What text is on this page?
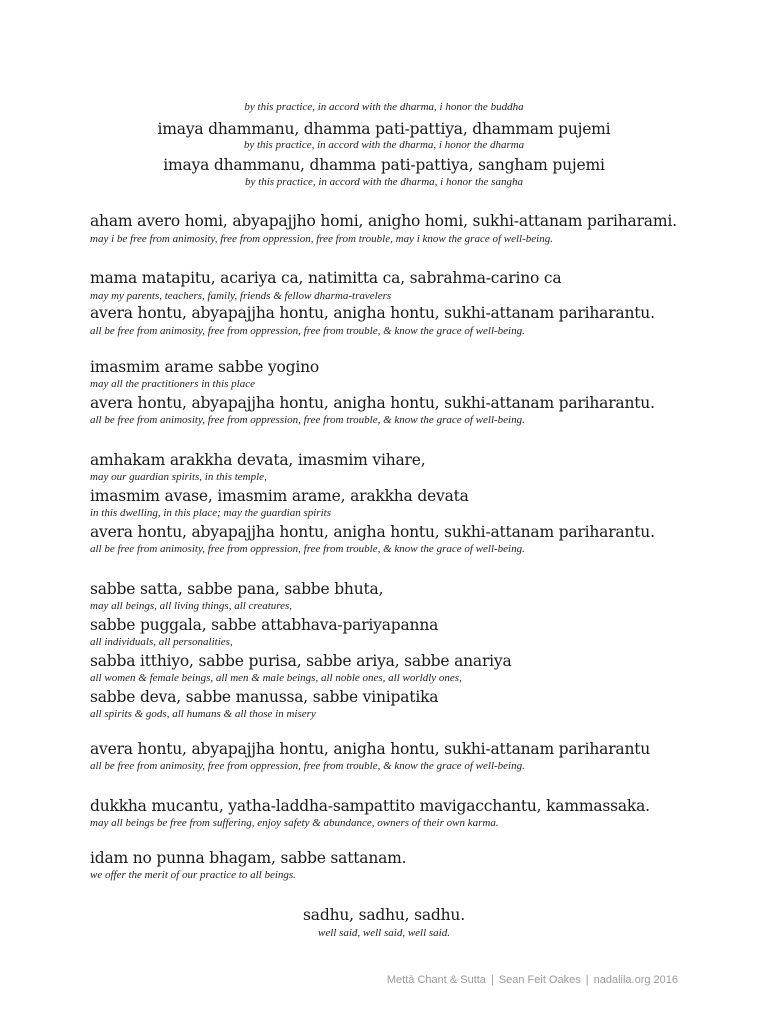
by this practice, in accord with the dharma, i honor the buddha

imaya dhammanu, dhamma pati-pattiya, dhammam pujemi

by this practice, in accord with the dharma, i honor the dharma

imaya dhammanu, dhamma pati-pattiya, sangham pujemi

by this practice, in accord with the dharma, i honor the sangha

aham avero homi, abyapajjho homi, anigho homi, sukhi-attanam pariharami.

may i be free from animosity, free from oppression, free from trouble, may i know the grace of well-being.

mama matapitu, acariya ca, natimitta ca, sabrahma-carino ca

may my parents, teachers, family, friends & fellow dharma-travelers

avera hontu, abyapajjha hontu, anigha hontu, sukhi-attanam pariharantu.

all be free from animosity, free from oppression, free from trouble, & know the grace of well-being.

imasmim arame sabbe yogino

may all the practitioners in this place

avera hontu, abyapajjha hontu, anigha hontu, sukhi-attanam pariharantu.

all be free from animosity, free from oppression, free from trouble, & know the grace of well-being.

amhakam arakkha devata, imasmim vihare,

may our guardian spirits, in this temple,

imasmim avase, imasmim arame, arakkha devata

in this dwelling, in this place; may the guardian spirits

avera hontu, abyapajjha hontu, anigha hontu, sukhi-attanam pariharantu.

all be free from animosity, free from oppression, free from trouble, & know the grace of well-being.

sabbe satta, sabbe pana, sabbe bhuta,

may all beings, all living things, all creatures,

sabbe puggala, sabbe attabhava-pariyapanna

all individuals, all personalities,

sabba itthiyo, sabbe purisa, sabbe ariya, sabbe anariya

all women & female beings, all men & male beings, all noble ones, all worldly ones,

sabbe deva, sabbe manussa, sabbe vinipatika

all spirits & gods, all humans & all those in misery

avera hontu, abyapajjha hontu, anigha hontu, sukhi-attanam pariharantu

all be free from animosity, free from oppression, free from trouble, & know the grace of well-being.

dukkha mucantu, yatha-laddha-sampattito mavigacchantu, kammassaka.

may all beings be free from suffering, enjoy safety & abundance, owners of their own karma.

idam no punna bhagam, sabbe sattanam.

we offer the merit of our practice to all beings.

sadhu, sadhu, sadhu.

well said, well said, well said.

Mettā Chant & Sutta | Sean Feit Oakes | nadalila.org 2016
